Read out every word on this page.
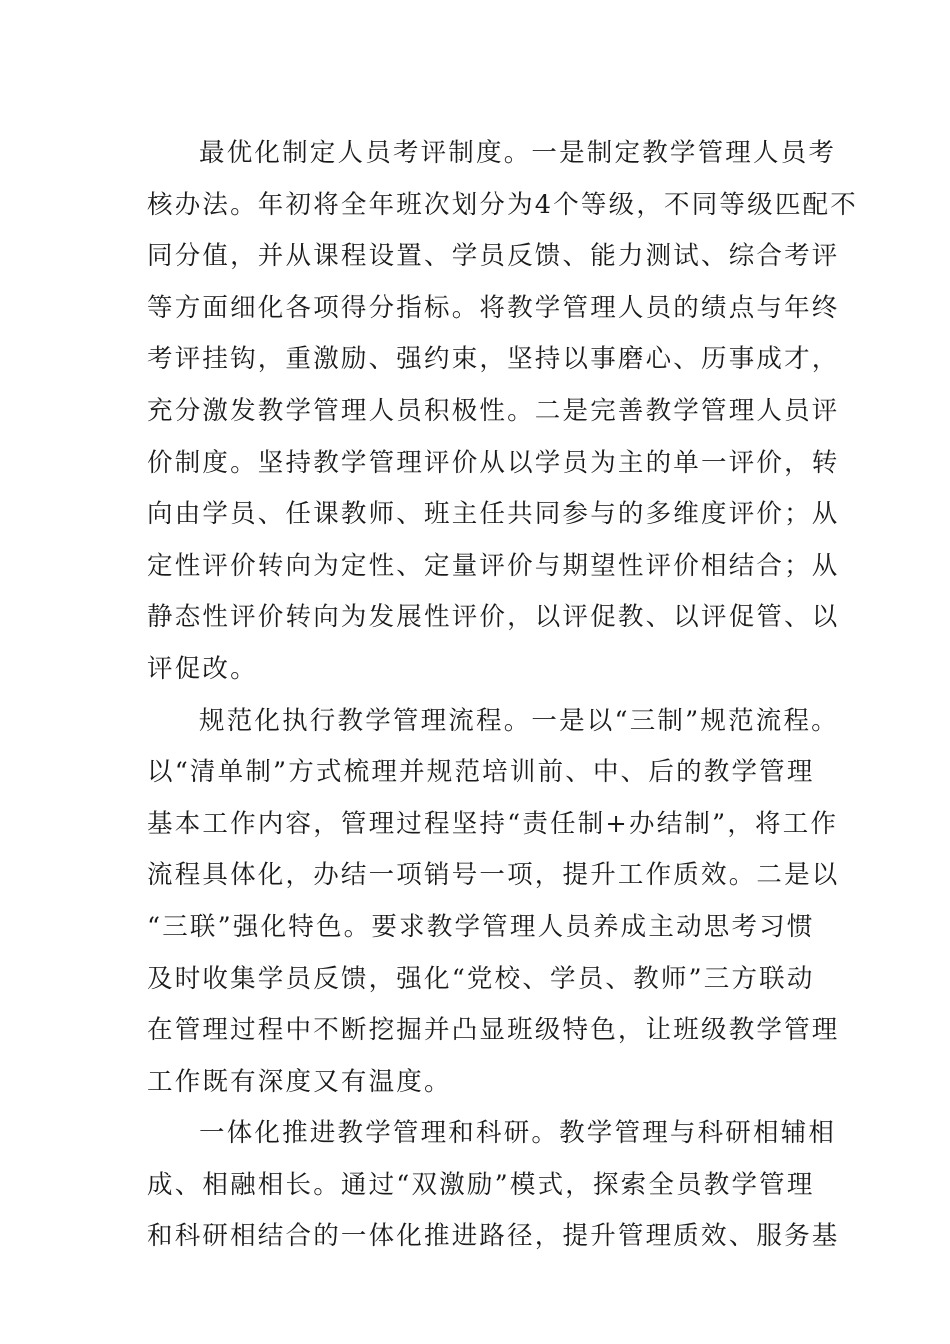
最优化制定人员考评制度。一是制定教学管理人员考
核办法。年初将全年班次划分为4个等级，不同等级匹配不
同分值，并从课程设置、学员反馈、能力测试、综合考评
等方面细化各项得分指标。将教学管理人员的绩点与年终
考评挂钩，重激励、强约束，坚持以事磨心、历事成才，
充分激发教学管理人员积极性。二是完善教学管理人员评
价制度。坚持教学管理评价从以学员为主的单一评价，转
向由学员、任课教师、班主任共同参与的多维度评价；从
定性评价转向为定性、定量评价与期望性评价相结合；从
静态性评价转向为发展性评价，以评促教、以评促管、以
评促改。
规范化执行教学管理流程。一是以“三制”规范流程。
以“清单制”方式梳理并规范培训前、中、后的教学管理
基本工作内容，管理过程坚持“责任制+办结制”，将工作
流程具体化，办结一项销号一项，提升工作质效。二是以
“三联”强化特色。要求教学管理人员养成主动思考习惯
及时收集学员反馈，强化“党校、学员、教师”三方联动
在管理过程中不断挖掘并凸显班级特色，让班级教学管理
工作既有深度又有温度。
一体化推进教学管理和科研。教学管理与科研相辅相
成、相融相长。通过“双激励”模式，探索全员教学管理
和科研相结合的一体化推进路径，提升管理质效、服务基
